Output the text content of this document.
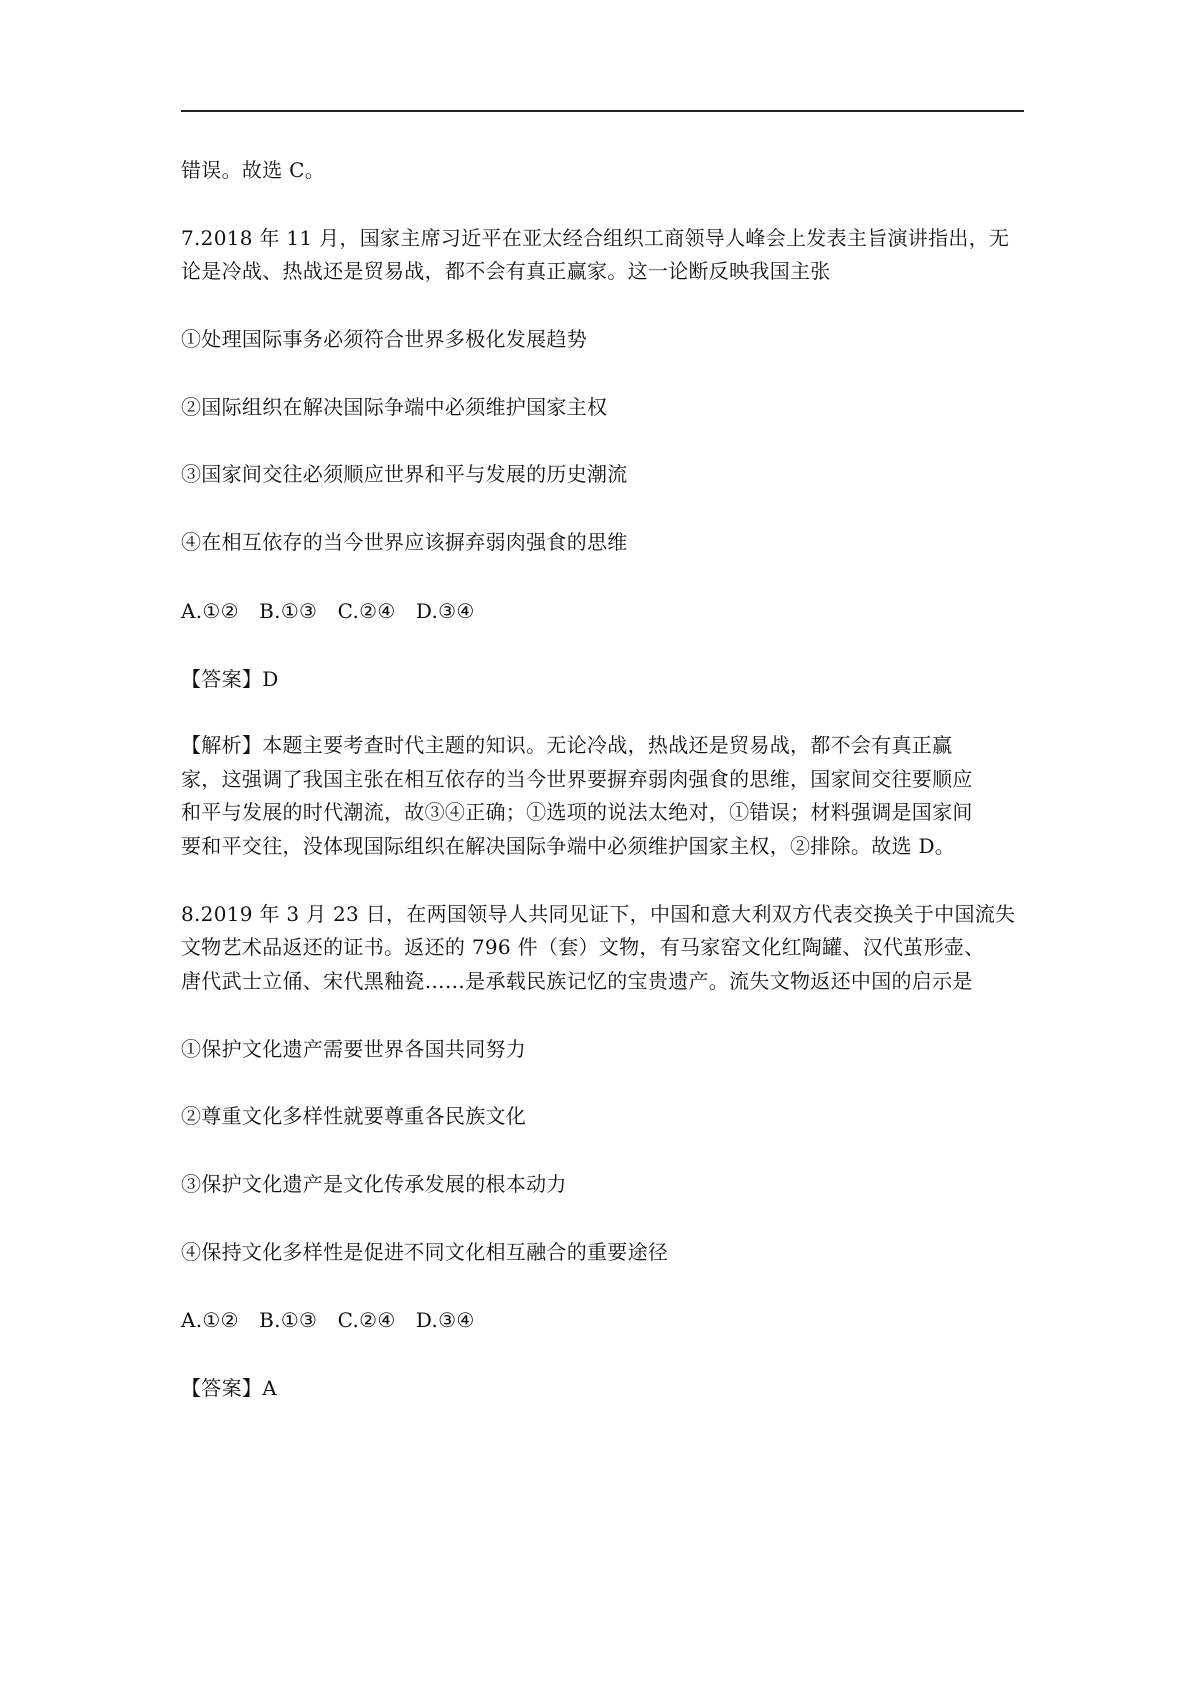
错误。故选 C。
7.2018 年 11 月，国家主席习近平在亚太经合组织工商领导人峰会上发表主旨演讲指出，无
论是冷战、热战还是贸易战，都不会有真正赢家。这一论断反映我国主张
①处理国际事务必须符合世界多极化发展趋势
②国际组织在解决国际争端中必须维护国家主权
③国家间交往必须顺应世界和平与发展的历史潮流
④在相互依存的当今世界应该摒弃弱肉强食的思维
A.①②　B.①③　C.②④　D.③④
【答案】D
【解析】本题主要考查时代主题的知识。无论冷战，热战还是贸易战，都不会有真正赢
家，这强调了我国主张在相互依存的当今世界要摒弃弱肉强食的思维，国家间交往要顺应
和平与发展的时代潮流，故③④正确；①选项的说法太绝对，①错误；材料强调是国家间
要和平交往，没体现国际组织在解决国际争端中必须维护国家主权，②排除。故选 D。
8.2019 年 3 月 23 日，在两国领导人共同见证下，中国和意大利双方代表交换关于中国流失
文物艺术品返还的证书。返还的 796 件（套）文物，有马家窑文化红陶罐、汉代茧形壶、
唐代武士立俑、宋代黑釉瓷……是承载民族记忆的宝贵遗产。流失文物返还中国的启示是
①保护文化遗产需要世界各国共同努力
②尊重文化多样性就要尊重各民族文化
③保护文化遗产是文化传承发展的根本动力
④保持文化多样性是促进不同文化相互融合的重要途径
A.①②　B.①③　C.②④　D.③④
【答案】A
